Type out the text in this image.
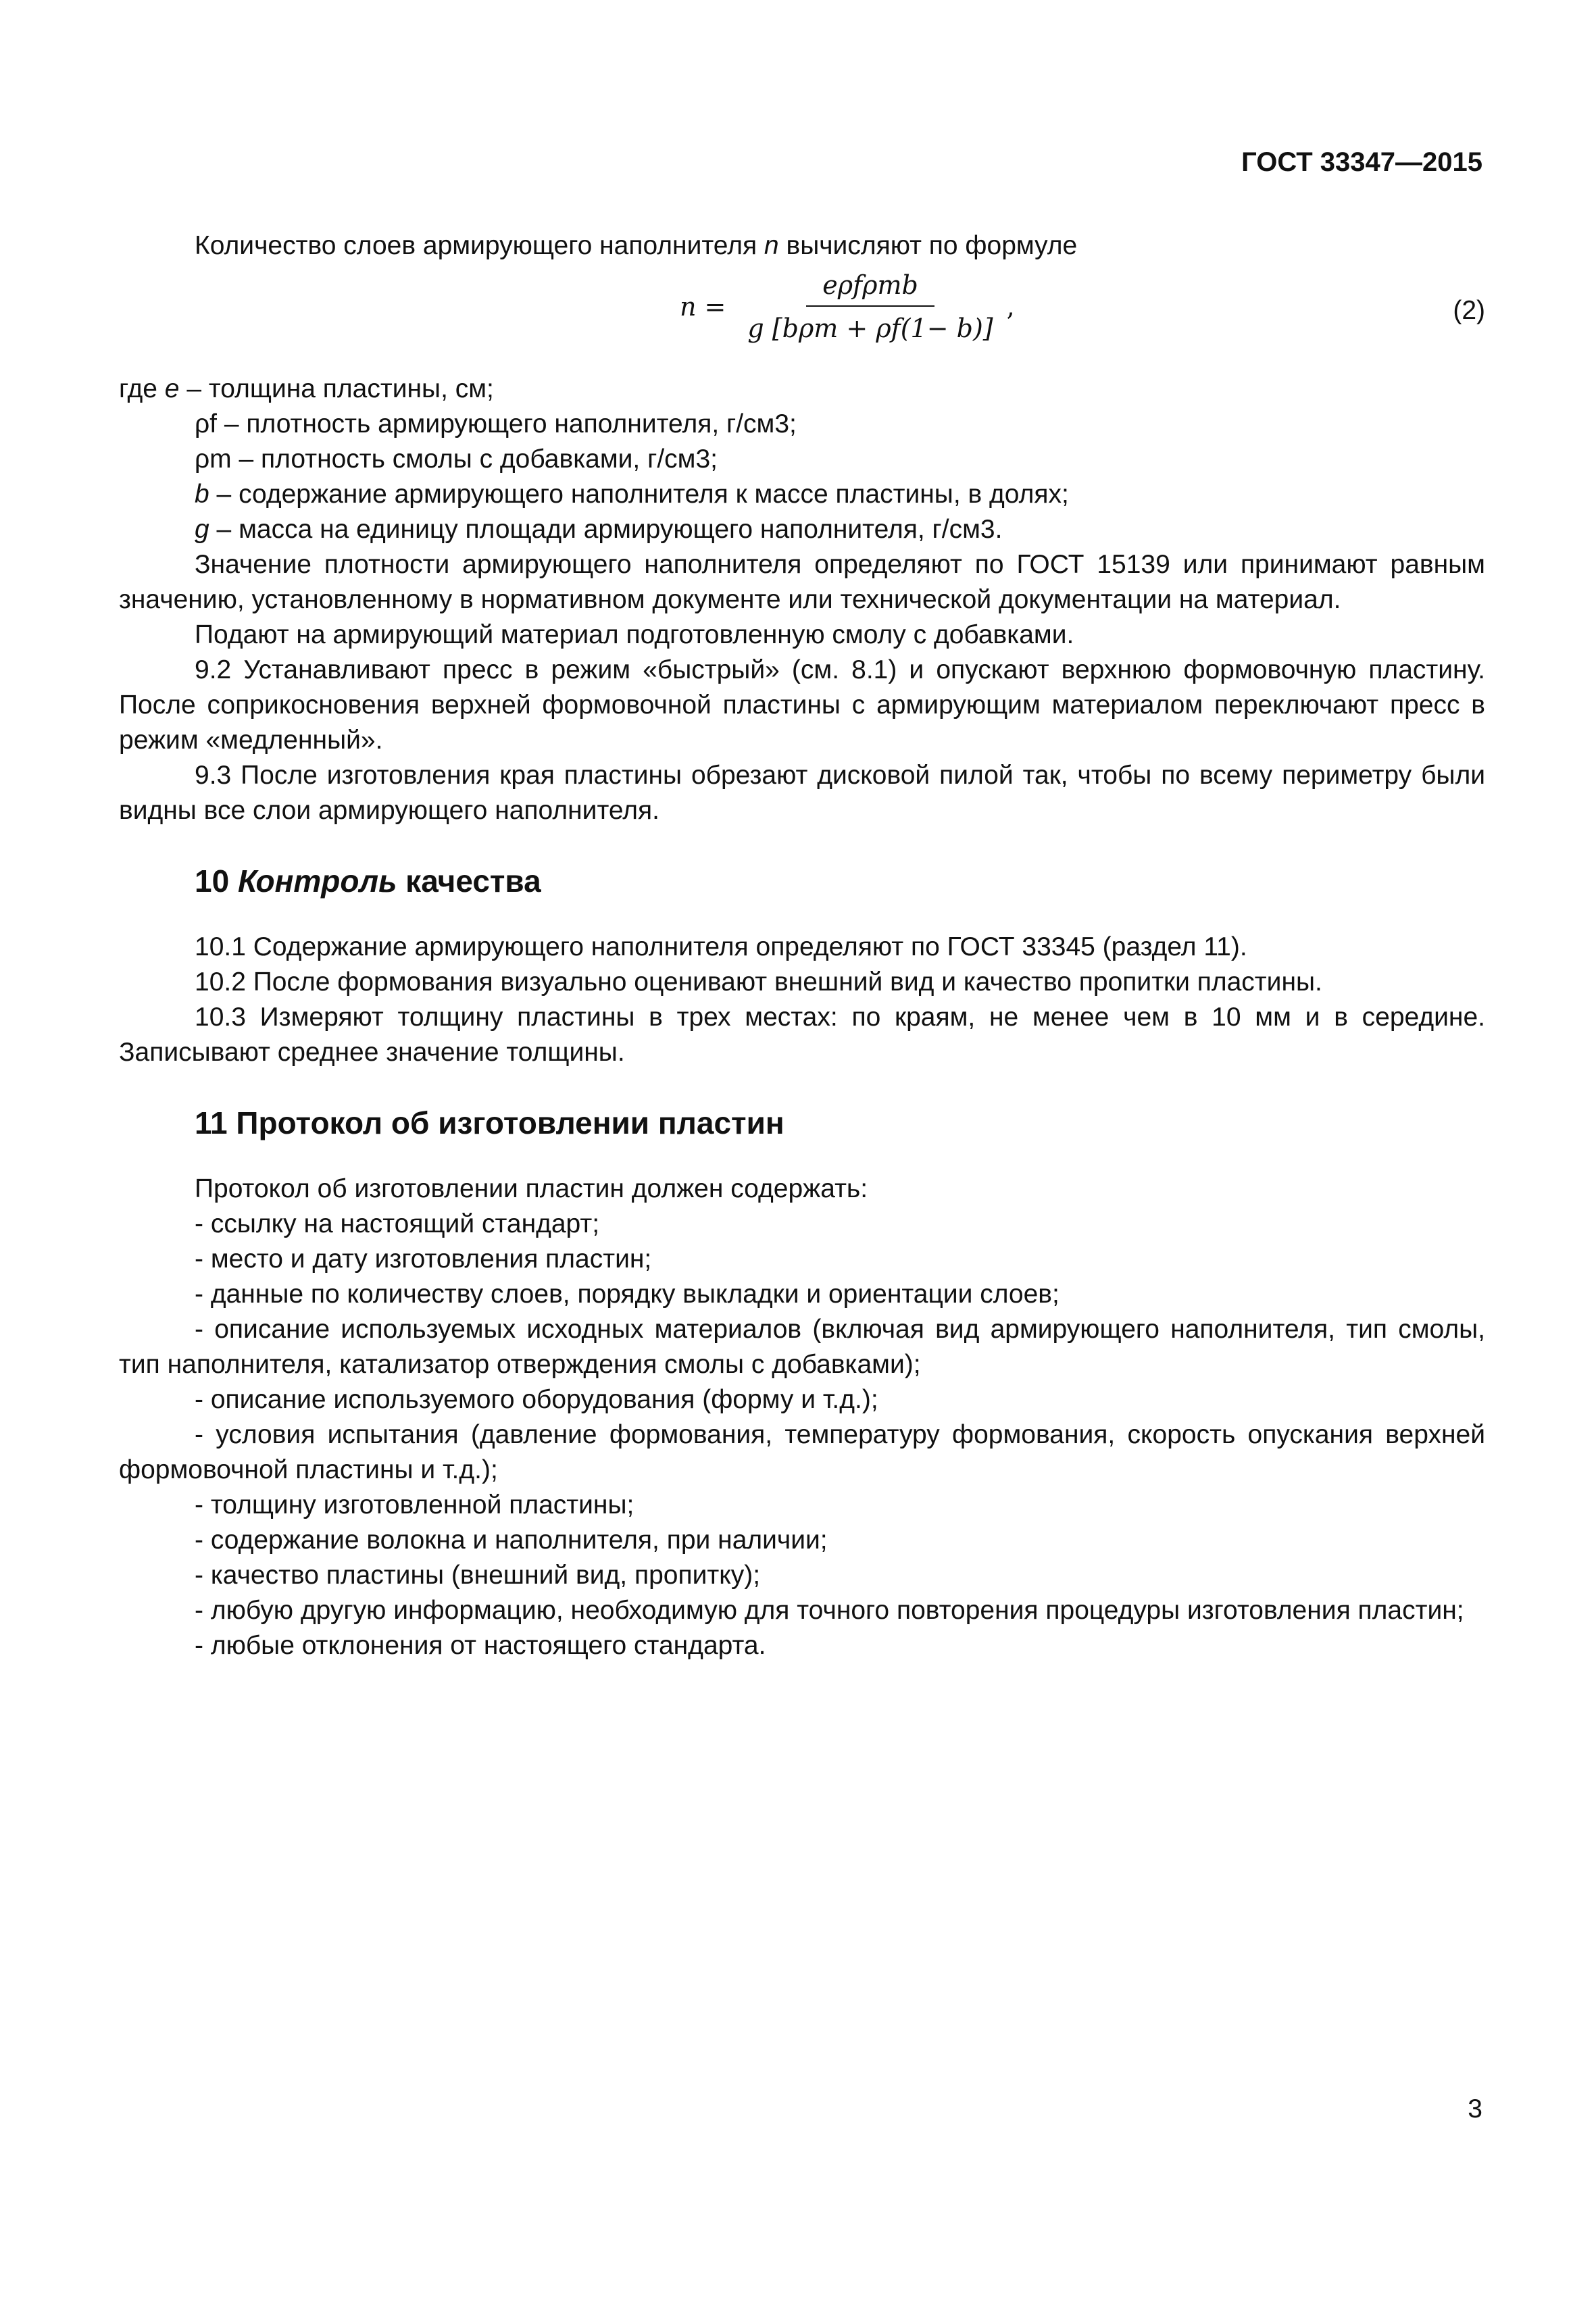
ГОСТ 33347—2015

Количество слоев армирующего наполнителя n вычисляют по формуле

$n = \frac{\text{eρfρmb}}{\text{g [bρm + ρf(1− b)]}}$ ,	(2)

где e – толщина пластины, см;

ρf – плотность армирующего наполнителя, г/см3;

ρm – плотность смолы с добавками, г/см3;

b – содержание армирующего наполнителя к массе пластины, в долях;

g – масса на единицу площади армирующего наполнителя, г/см3.

Значение плотности армирующего наполнителя определяют по ГОСТ 15139 или принимают равным значению, установленному в нормативном документе или технической документации на материал.

Подают на армирующий материал подготовленную смолу с добавками.

9.2 Устанавливают пресс в режим «быстрый» (см. 8.1) и опускают верхнюю формовочную пластину. После соприкосновения верхней формовочной пластины с армирующим материалом переключают пресс в режим «медленный».

9.3 После изготовления края пластины обрезают дисковой пилой так, чтобы по всему периметру были видны все слои армирующего наполнителя.

10 Контроль качества

10.1 Содержание армирующего наполнителя определяют по ГОСТ 33345 (раздел 11).

10.2 После формования визуально оценивают внешний вид и качество пропитки пластины.

10.3 Измеряют толщину пластины в трех местах: по краям, не менее чем в 10 мм и в середине. Записывают среднее значение толщины.

11 Протокол об изготовлении пластин

Протокол об изготовлении пластин должен содержать:

- ссылку на настоящий стандарт;

- место и дату изготовления пластин;

- данные по количеству слоев, порядку выкладки и ориентации слоев;

- описание используемых исходных материалов (включая вид армирующего наполнителя, тип смолы, тип наполнителя, катализатор отверждения смолы с добавками);

- описание используемого оборудования (форму и т.д.);

- условия испытания (давление формования, температуру формования, скорость опускания верхней формовочной пластины и т.д.);

- толщину изготовленной пластины;

- содержание волокна и наполнителя, при наличии;

- качество пластины (внешний вид, пропитку);

- любую другую информацию, необходимую для точного повторения процедуры изготовления пластин;

- любые отклонения от настоящего стандарта.

3
